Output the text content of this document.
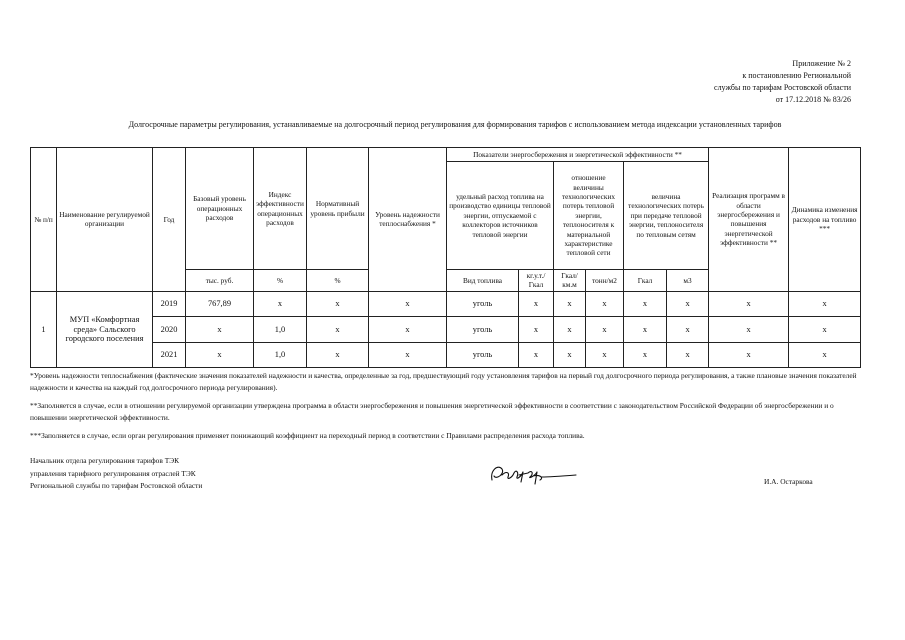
Приложение № 2
к постановлению Региональной
службы по тарифам Ростовской области
от 17.12.2018 № 83/26
Долгосрочные параметры регулирования, устанавливаемые на долгосрочный период регулирования для формирования тарифов с использованием метода индексации установленных тарифов
№ п/п	Наименование регулируемой организации	Год	Базовый уровень операционных расходов	Индекс эффективности операционных расходов	Нормативный уровень прибыли	Уровень надежности теплоснабжения *	Показатели энергосбережения и энергетической эффективности **						Реализация программ в области энергосбережения и повышения энергетической эффективности **	Динамика изменения расходов на топливо ***
							удельный расход топлива на производство единицы тепловой энергии, отпускаемой с коллекторов источников тепловой энергии		отношение величины технологических потерь тепловой энергии, теплоносителя к материальной характеристике тепловой сети		величина технологических потерь при передаче тепловой энергии, теплоносителя по тепловым сетям			
			тыс. руб.	%	%		Вид топлива	кг.у.т./Гкал	Гкал/ км.м	тонн/м2	Гкал	м3		
1	МУП «Комфортная среда» Сальского городского поселения	2019	767,89	х	х	х	уголь	х	х	х	х	х	х	х
		2020	х	1,0	х	х	уголь	х	х	х	х	х	х	х
		2021	х	1,0	х	х	уголь	х	х	х	х	х	х	х

*Уровень надежности теплоснабжения (фактические значения показателей надежности и качества, определенные за год, предшествующий году установления тарифов на первый год долгосрочного периода регулирования, а также плановые значения показателей надежности и качества на каждый год долгосрочного периода регулирования).

**Заполняется в случае, если в отношении регулируемой организации утверждена программа в области энергосбережения и повышения энергетической эффективности в соответствии с законодательством Российской Федерации об энергосбережении и о повышении энергетической эффективности.

***Заполняется в случае, если орган регулирования применяет понижающий коэффициент на переходный период в соответствии с Правилами распределения расхода топлива.

Начальник отдела регулирования тарифов ТЭК
управления тарифного регулирования отраслей ТЭК
Региональной службы по тарифам Ростовской области	И.А. Остаркова
